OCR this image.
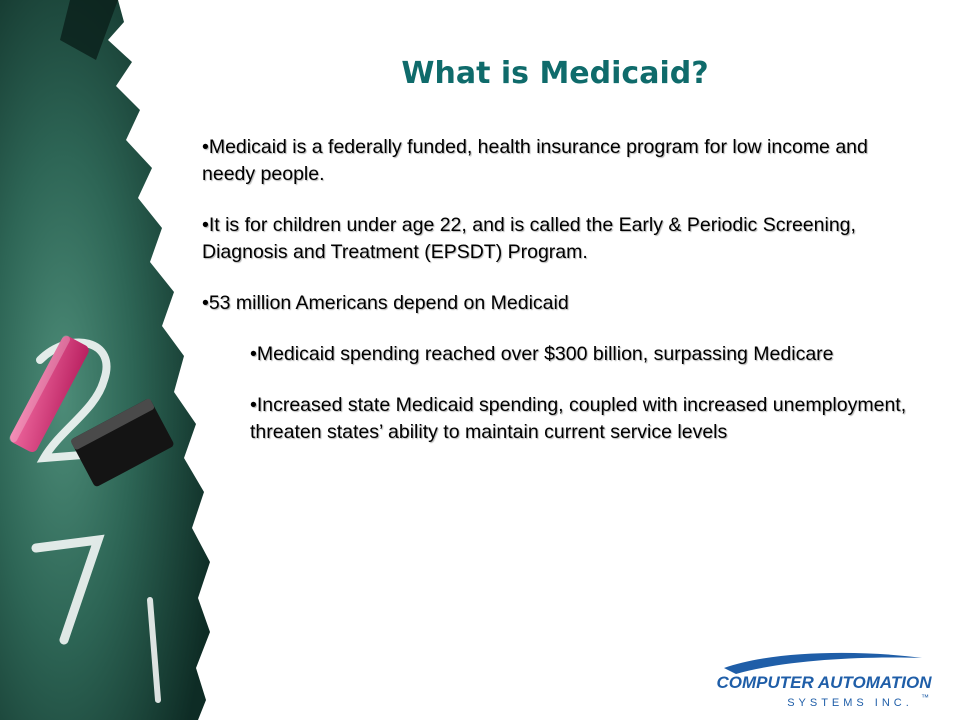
What is Medicaid?

•Medicaid is a federally funded, health insurance program for low income and needy people.

•It is for children under age 22, and is called the Early & Periodic Screening, Diagnosis and Treatment (EPSDT) Program.

•53 million Americans depend on Medicaid

•Medicaid spending reached over $300 billion, surpassing Medicare

•Increased state Medicaid spending, coupled with increased unemployment, threaten states’ ability to maintain current service levels

COMPUTER AUTOMATION
SYSTEMS INC. ™
